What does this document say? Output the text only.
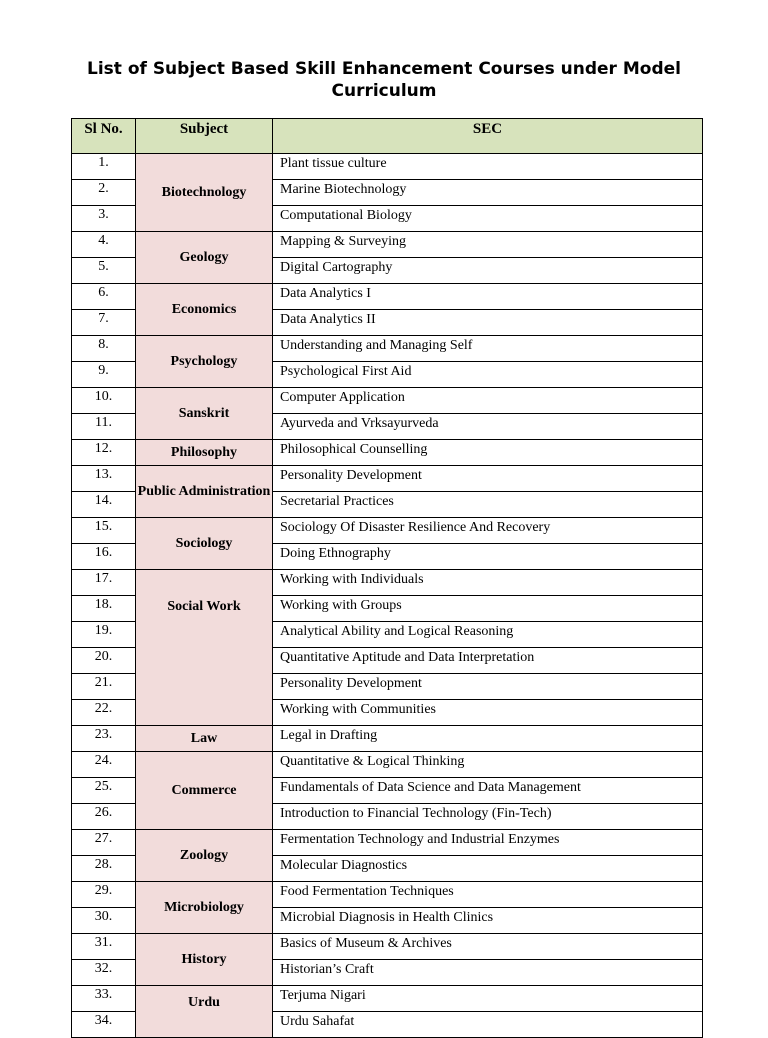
List of Subject Based Skill Enhancement Courses under Model
Curriculum
Sl No.	Subject	SEC
1.	Biotechnology	Plant tissue culture
2.		Marine Biotechnology
3.		Computational Biology
4.	Geology	Mapping & Surveying
5.		Digital Cartography
6.	Economics	Data Analytics I
7.		Data Analytics II
8.	Psychology	Understanding and Managing Self
9.		Psychological First Aid
10.	Sanskrit	Computer Application
11.		Ayurveda and Vrksayurveda
12.	Philosophy	Philosophical Counselling
13.	Public Administration	Personality Development
14.		Secretarial Practices
15.	Sociology	Sociology Of Disaster Resilience And Recovery
16.		Doing Ethnography
17.	Social Work	Working with Individuals
18.		Working with Groups
19.		Analytical Ability and Logical Reasoning
20.		Quantitative Aptitude and Data Interpretation
21.		Personality Development
22.		Working with Communities
23.	Law	Legal in Drafting
24.	Commerce	Quantitative & Logical Thinking
25.		Fundamentals of Data Science and Data Management
26.		Introduction to Financial Technology (Fin-Tech)
27.	Zoology	Fermentation Technology and Industrial Enzymes
28.		Molecular Diagnostics
29.	Microbiology	Food Fermentation Techniques
30.		Microbial Diagnosis in Health Clinics
31.	History	Basics of Museum & Archives
32.		Historian’s Craft
33.	Urdu	Terjuma Nigari
34.		Urdu Sahafat
